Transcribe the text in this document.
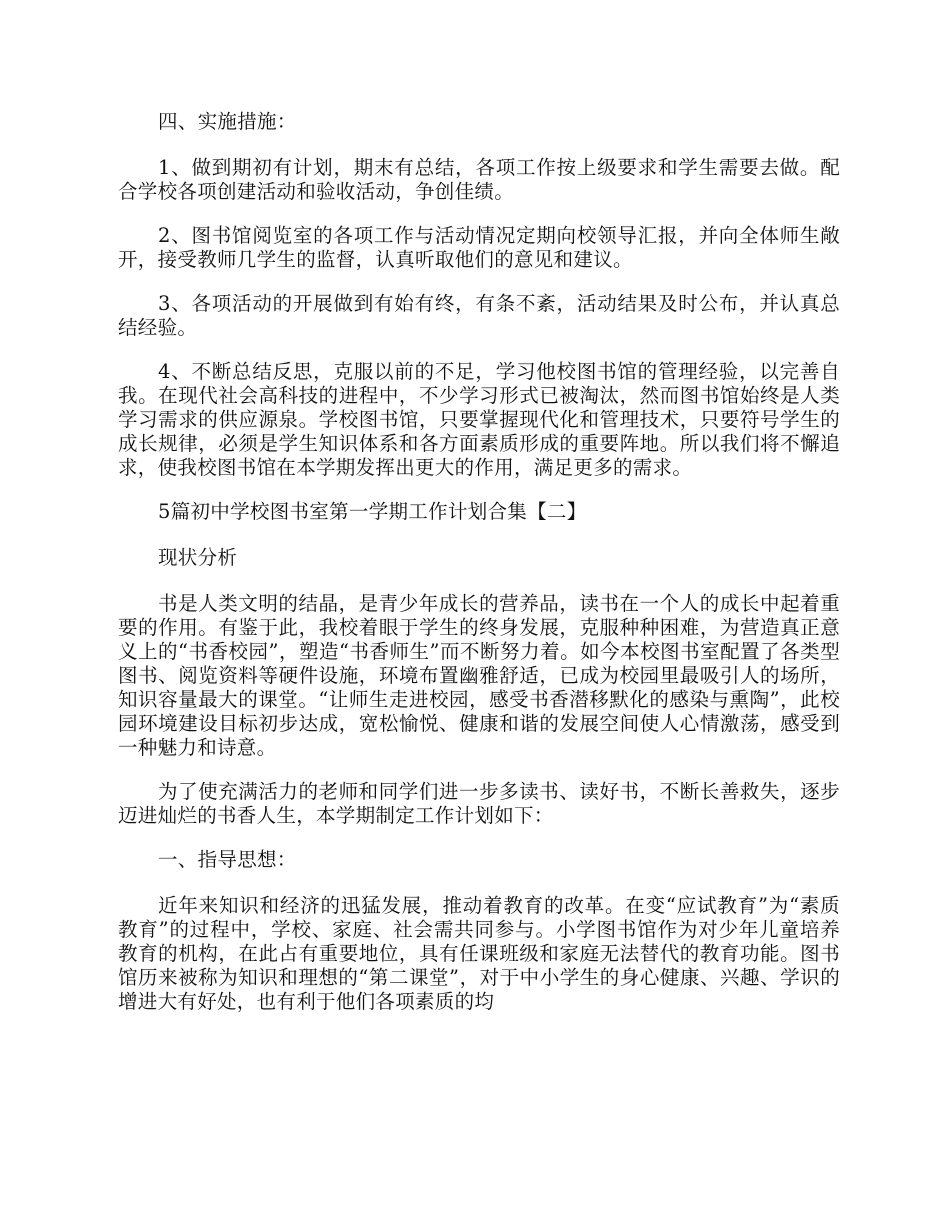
四、实施措施：

1、做到期初有计划，期末有总结，各项工作按上级要求和学生需要去做。配合学校各项创建活动和验收活动，争创佳绩。

2、图书馆阅览室的各项工作与活动情况定期向校领导汇报，并向全体师生敞开，接受教师几学生的监督，认真听取他们的意见和建议。

3、各项活动的开展做到有始有终，有条不紊，活动结果及时公布，并认真总结经验。

4、不断总结反思，克服以前的不足，学习他校图书馆的管理经验，以完善自我。在现代社会高科技的进程中，不少学习形式已被淘汰，然而图书馆始终是人类学习需求的供应源泉。学校图书馆，只要掌握现代化和管理技术，只要符号学生的成长规律，必须是学生知识体系和各方面素质形成的重要阵地。所以我们将不懈追求，使我校图书馆在本学期发挥出更大的作用，满足更多的需求。

5篇初中学校图书室第一学期工作计划合集【二】

现状分析

书是人类文明的结晶，是青少年成长的营养品，读书在一个人的成长中起着重要的作用。有鉴于此，我校着眼于学生的终身发展，克服种种困难，为营造真正意义上的“书香校园”，塑造“书香师生”而不断努力着。如今本校图书室配置了各类型图书、阅览资料等硬件设施，环境布置幽雅舒适，已成为校园里最吸引人的场所，知识容量最大的课堂。“让师生走进校园，感受书香潜移默化的感染与熏陶”，此校园环境建设目标初步达成，宽松愉悦、健康和谐的发展空间使人心情激荡，感受到一种魅力和诗意。

为了使充满活力的老师和同学们进一步多读书、读好书，不断长善救失，逐步迈进灿烂的书香人生，本学期制定工作计划如下：

一、指导思想：

近年来知识和经济的迅猛发展，推动着教育的改革。在变“应试教育”为“素质教育”的过程中，学校、家庭、社会需共同参与。小学图书馆作为对少年儿童培养教育的机构，在此占有重要地位，具有任课班级和家庭无法替代的教育功能。图书馆历来被称为知识和理想的“第二课堂”，对于中小学生的身心健康、兴趣、学识的增进大有好处，也有利于他们各项素质的均
